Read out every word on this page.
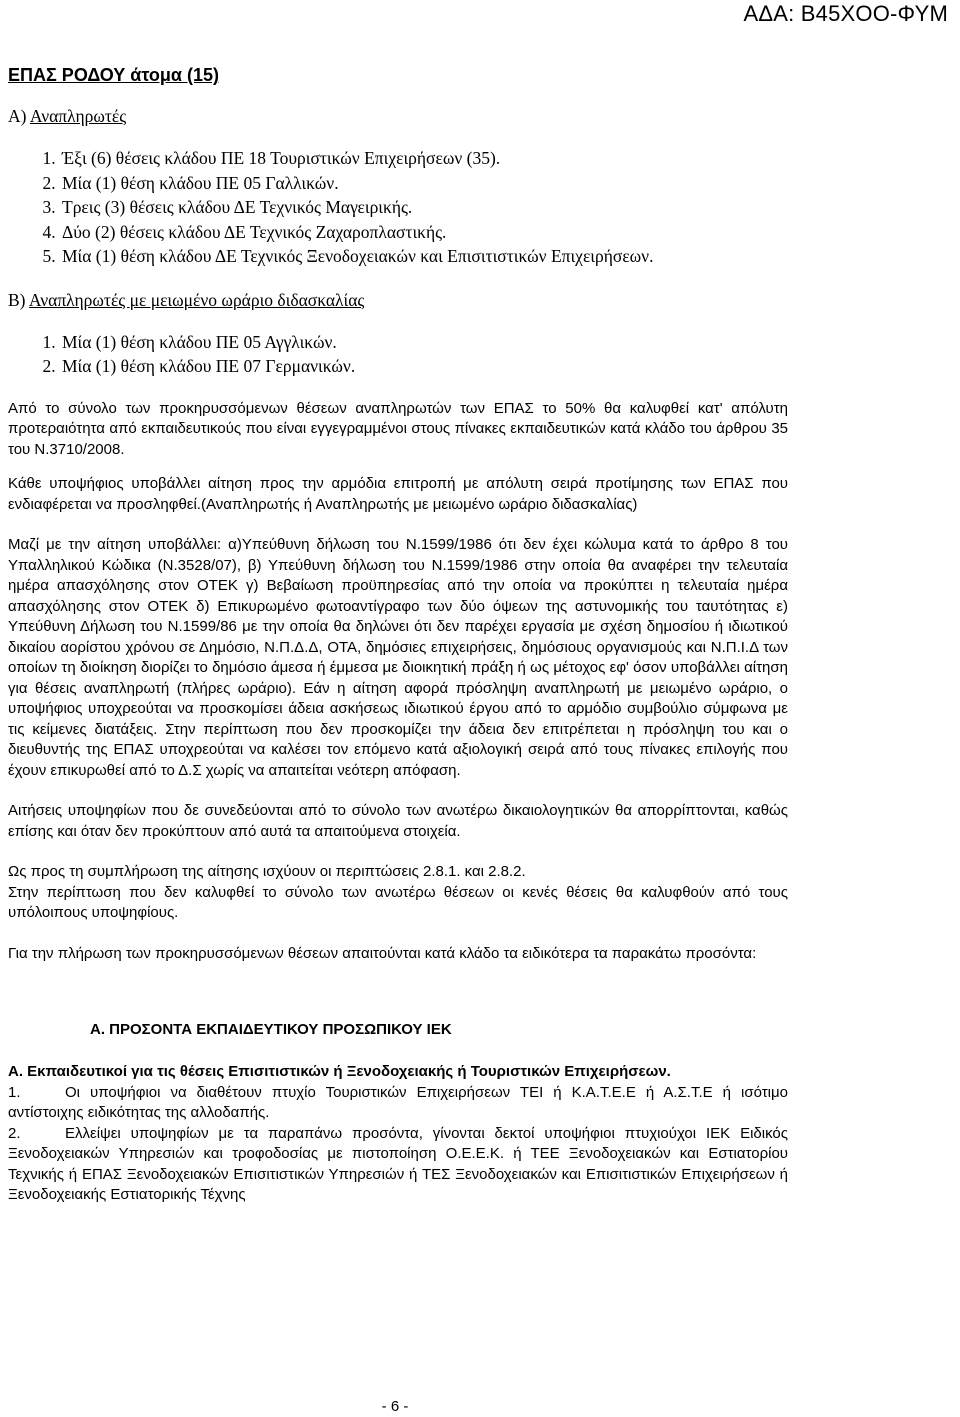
ΑΔΑ: Β45ΧΟΟ-ΦΥΜ
ΕΠΑΣ ΡΟΔΟΥ άτομα (15)
Α) Αναπληρωτές
1. Έξι (6) θέσεις κλάδου ΠΕ 18 Τουριστικών Επιχειρήσεων (35).
2. Μία (1) θέση κλάδου ΠΕ 05 Γαλλικών.
3. Τρεις (3) θέσεις κλάδου ΔΕ Τεχνικός Μαγειρικής.
4. Δύο (2) θέσεις κλάδου ΔΕ Τεχνικός Ζαχαροπλαστικής.
5. Μία (1) θέση κλάδου ΔΕ Τεχνικός Ξενοδοχειακών και Επισιτιστικών Επιχειρήσεων.
Β) Αναπληρωτές με μειωμένο ωράριο διδασκαλίας
1. Μία (1) θέση κλάδου ΠΕ 05 Αγγλικών.
2. Μία (1) θέση κλάδου ΠΕ 07 Γερμανικών.

Από το σύνολο των προκηρυσσόμενων θέσεων αναπληρωτών των ΕΠΑΣ το 50% θα καλυφθεί κατ' απόλυτη προτεραιότητα από εκπαιδευτικούς που είναι εγγεγραμμένοι στους πίνακες εκπαιδευτικών κατά κλάδο του άρθρου 35 του Ν.3710/2008.

Κάθε υποψήφιος υποβάλλει αίτηση προς την αρμόδια επιτροπή με απόλυτη σειρά προτίμησης των ΕΠΑΣ που ενδιαφέρεται να προσληφθεί.(Αναπληρωτής ή Αναπληρωτής με μειωμένο ωράριο διδασκαλίας)

Μαζί με την αίτηση υποβάλλει: α)Υπεύθυνη δήλωση του Ν.1599/1986 ότι δεν έχει κώλυμα κατά το άρθρο 8 του Υπαλληλικού Κώδικα (Ν.3528/07), β) Υπεύθυνη δήλωση του Ν.1599/1986 στην οποία θα αναφέρει την τελευταία ημέρα απασχόλησης στον ΟΤΕΚ γ) Βεβαίωση προϋπηρεσίας από την οποία να προκύπτει η τελευταία ημέρα απασχόλησης στον ΟΤΕΚ δ) Επικυρωμένο φωτοαντίγραφο των δύο όψεων της αστυνομικής του ταυτότητας ε) Υπεύθυνη Δήλωση του Ν.1599/86 με την οποία θα δηλώνει ότι δεν παρέχει εργασία με σχέση δημοσίου ή ιδιωτικού δικαίου αορίστου χρόνου σε Δημόσιο, Ν.Π.Δ.Δ, ΟΤΑ, δημόσιες επιχειρήσεις, δημόσιους οργανισμούς και Ν.Π.Ι.Δ των οποίων τη διοίκηση διορίζει το δημόσιο άμεσα ή έμμεσα με διοικητική πράξη ή ως μέτοχος εφ' όσον υποβάλλει αίτηση για θέσεις αναπληρωτή (πλήρες ωράριο). Εάν η αίτηση αφορά πρόσληψη αναπληρωτή με μειωμένο ωράριο, ο υποψήφιος υποχρεούται να προσκομίσει άδεια ασκήσεως ιδιωτικού έργου από το αρμόδιο συμβούλιο σύμφωνα με τις κείμενες διατάξεις. Στην περίπτωση που δεν προσκομίζει την άδεια δεν επιτρέπεται η πρόσληψη του και ο διευθυντής της ΕΠΑΣ υποχρεούται να καλέσει τον επόμενο κατά αξιολογική σειρά από τους πίνακες επιλογής που έχουν επικυρωθεί από το Δ.Σ χωρίς να απαιτείται νεότερη απόφαση.

Αιτήσεις υποψηφίων που δε συνεδεύονται από το σύνολο των ανωτέρω δικαιολογητικών θα απορρίπτονται, καθώς επίσης και όταν δεν προκύπτουν από αυτά τα απαιτούμενα στοιχεία.

Ως προς τη συμπλήρωση της αίτησης ισχύουν οι περιπτώσεις 2.8.1. και 2.8.2.

Στην περίπτωση που δεν καλυφθεί το σύνολο των ανωτέρω θέσεων οι κενές θέσεις θα καλυφθούν από τους υπόλοιπους υποψηφίους.

Για την πλήρωση των προκηρυσσόμενων θέσεων απαιτούνται κατά κλάδο τα ειδικότερα τα παρακάτω προσόντα:

Α. ΠΡΟΣΟΝΤΑ ΕΚΠΑΙΔΕΥΤΙΚΟΥ ΠΡΟΣΩΠΙΚΟΥ ΙΕΚ

Α. Εκπαιδευτικοί για τις θέσεις Επισιτιστικών ή Ξενοδοχειακής ή Τουριστικών Επιχειρήσεων.

1.	Οι υποψήφιοι να διαθέτουν πτυχίο Τουριστικών Επιχειρήσεων ΤΕΙ ή Κ.Α.Τ.Ε.Ε ή Α.Σ.Τ.Ε ή ισότιμο αντίστοιχης ειδικότητας της αλλοδαπής.

2.	Ελλείψει υποψηφίων με τα παραπάνω προσόντα, γίνονται δεκτοί υποψήφιοι πτυχιούχοι ΙΕΚ Ειδικός Ξενοδοχειακών Υπηρεσιών και τροφοδοσίας με πιστοποίηση Ο.Ε.Ε.Κ. ή ΤΕΕ Ξενοδοχειακών και Εστιατορίου Τεχνικής ή ΕΠΑΣ Ξενοδοχειακών Επισιτιστικών Υπηρεσιών ή ΤΕΣ Ξενοδοχειακών και Επισιτιστικών Επιχειρήσεων ή Ξενοδοχειακής Εστιατορικής Τέχνης

- 6 -
